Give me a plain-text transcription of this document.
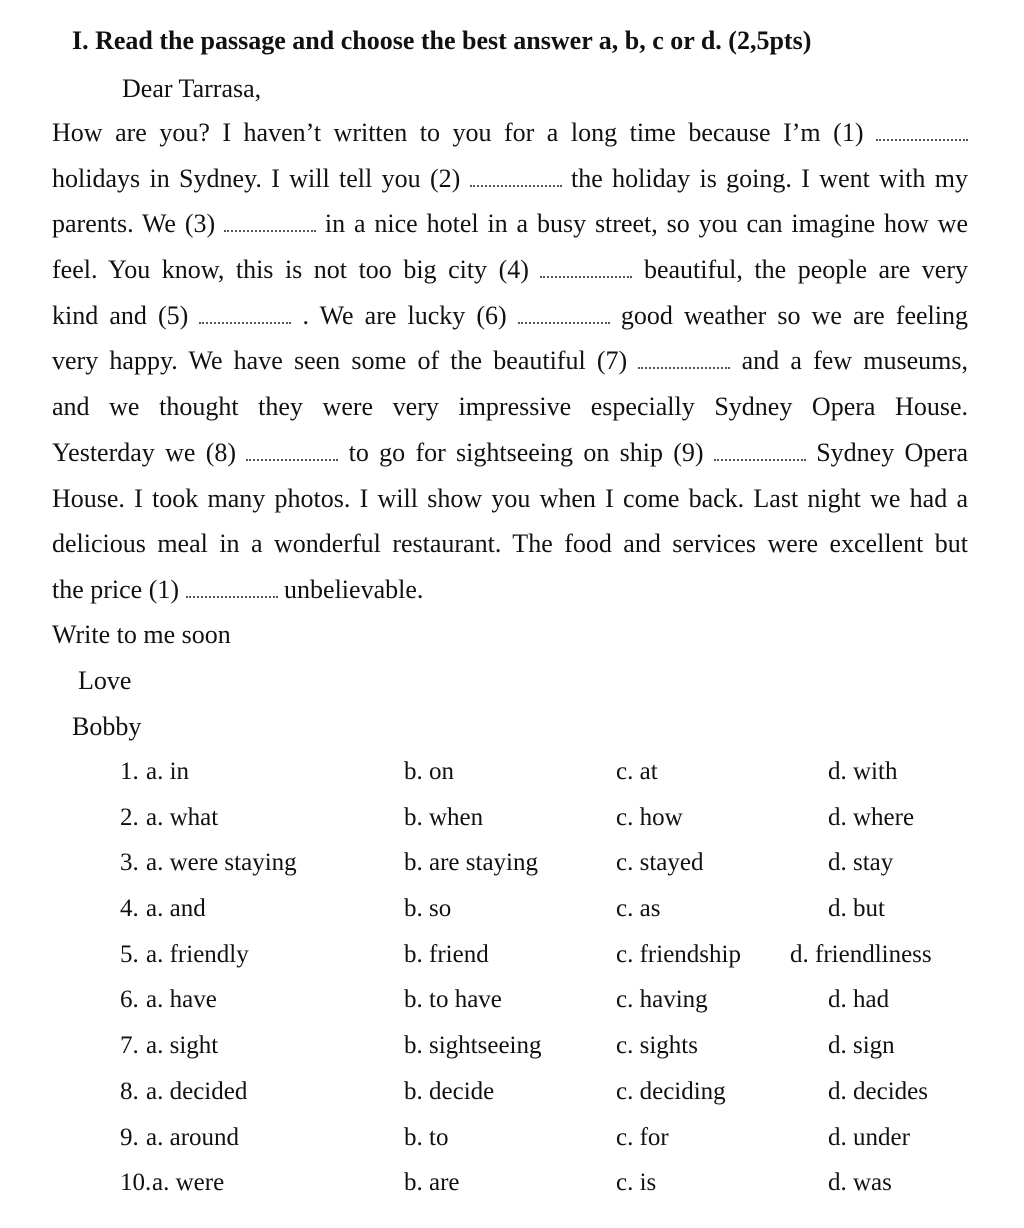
I. Read the passage and choose the best answer a, b, c or d. (2,5pts)
Dear Tarrasa,
How are you? I haven’t written to you for a long time because I’m (1)
holidays in Sydney. I will tell you (2)	the holiday is going. I went with my
parents. We (3)	in a nice hotel in a busy street, so you can imagine how we
feel. You know, this is not too big city (4)	beautiful, the people are very
kind and (5)	. We are lucky (6)	good weather so we are feeling
very happy. We have seen some of the beautiful (7)	and a few museums,
and we thought they were very impressive especially Sydney Opera House.
Yesterday we (8)	to go for sightseeing on ship (9)	Sydney Opera
House. I took many photos. I will show you when I come back. Last night we had a
delicious meal in a wonderful restaurant. The food and services were excellent but
the price (1)	unbelievable.
Write to me soon
Love
Bobby
1. a. in	b. on	c. at	d. with
2. a. what	b. when	c. how	d. where
3. a. were staying	b. are staying	c. stayed	d. stay
4. a. and	b. so	c. as	d. but
5. a. friendly	b. friend	c. friendship d. friendliness
6. a. have	b. to have	c. having	d. had
7. a. sight	b. sightseeing	c. sights	d. sign
8. a. decided	b. decide	c. deciding	d. decides
9. a. around	b. to	c. for	d. under
10. a. were	b. are	c. is	d. was
